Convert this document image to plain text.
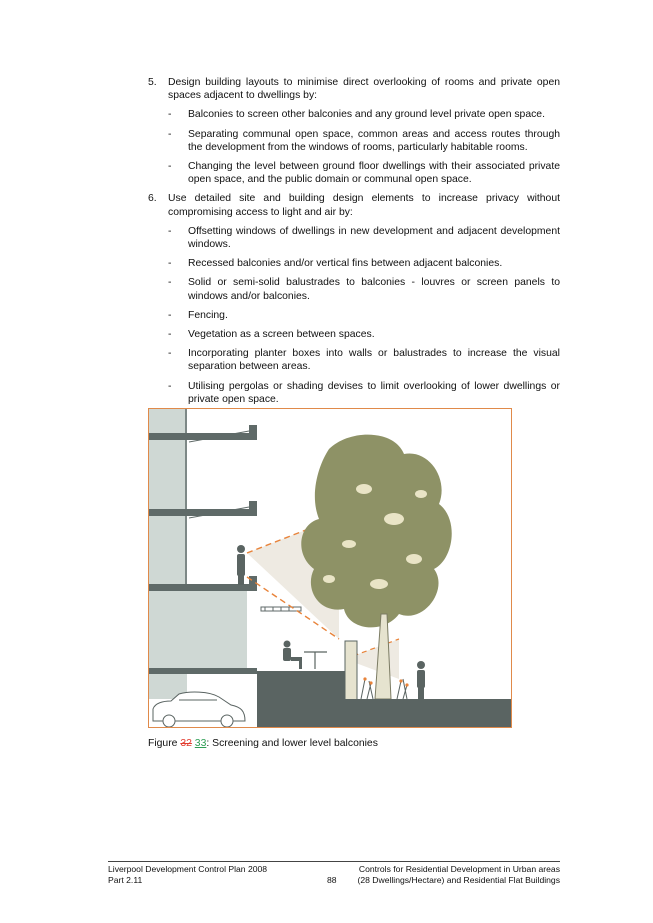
5. Design building layouts to minimise direct overlooking of rooms and private open spaces adjacent to dwellings by:
- Balconies to screen other balconies and any ground level private open space.
- Separating communal open space, common areas and access routes through the development from the windows of rooms, particularly habitable rooms.
- Changing the level between ground floor dwellings with their associated private open space, and the public domain or communal open space.
6. Use detailed site and building design elements to increase privacy without compromising access to light and air by:
- Offsetting windows of dwellings in new development and adjacent development windows.
- Recessed balconies and/or vertical fins between adjacent balconies.
- Solid or semi-solid balustrades to balconies - louvres or screen panels to windows and/or balconies.
- Fencing.
- Vegetation as a screen between spaces.
- Incorporating planter boxes into walls or balustrades to increase the visual separation between areas.
- Utilising pergolas or shading devises to limit overlooking of lower dwellings or private open space.
Figure 32 33: Screening and lower level balconies
Liverpool Development Control Plan 2008
Part 2.11	88
Controls for Residential Development in Urban areas
(28 Dwellings/Hectare) and Residential Flat Buildings
